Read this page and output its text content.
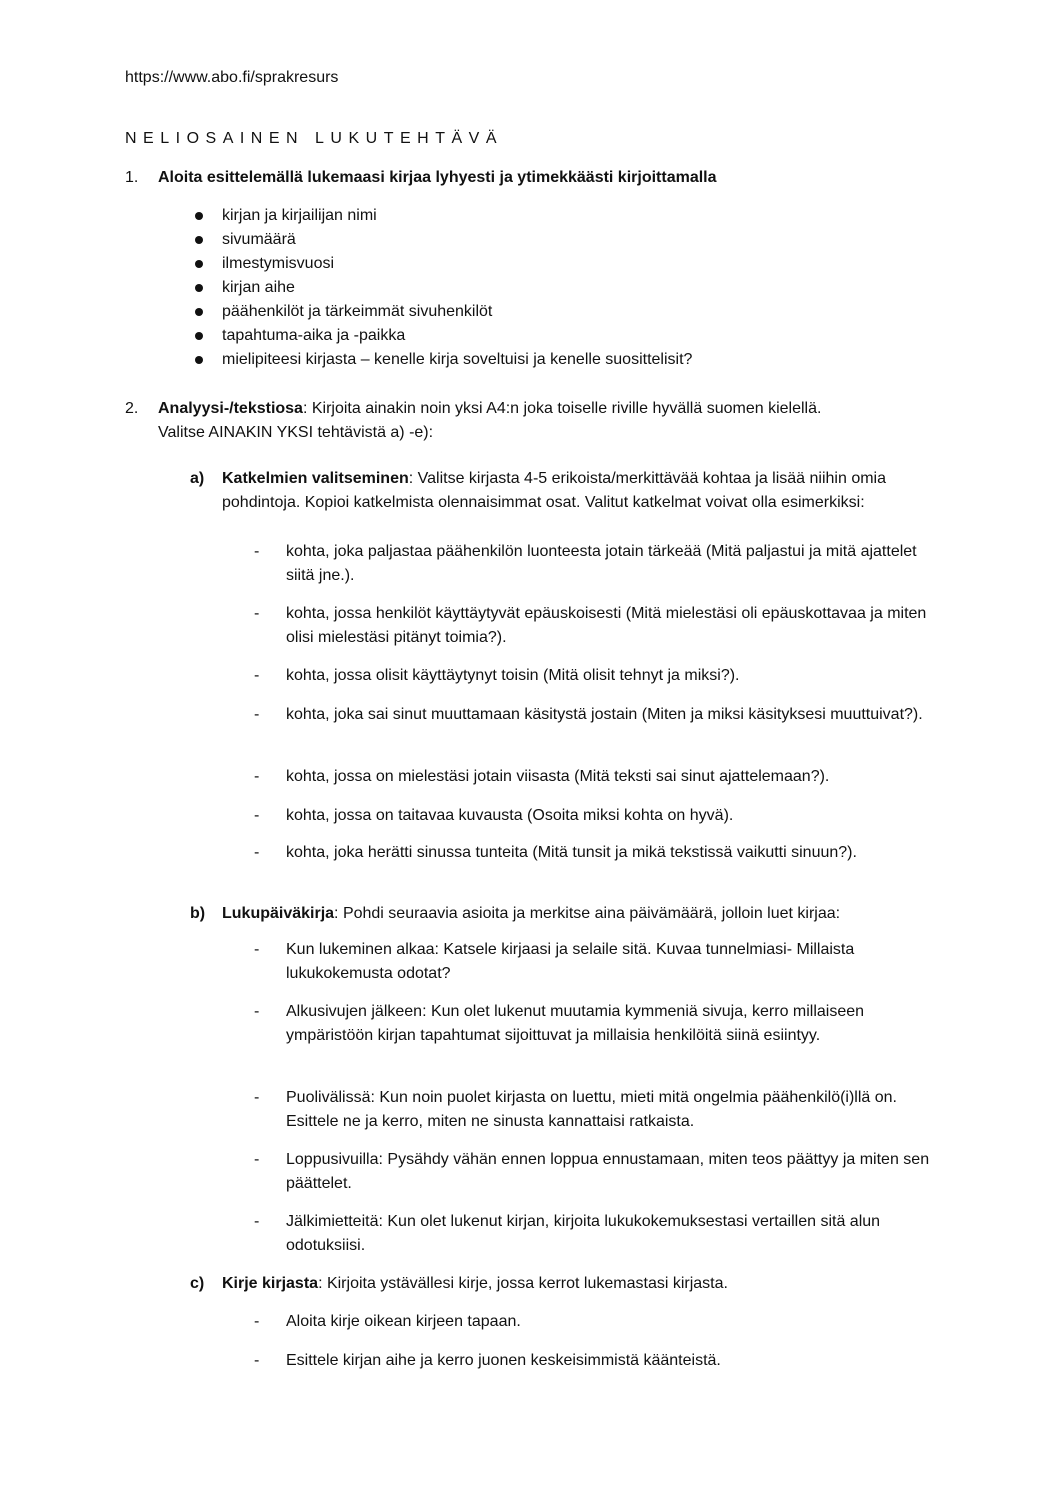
https://www.abo.fi/sprakresurs
NELIOSAINEN LUKUTEHTÄVÄ
1. Aloita esittelemällä lukemaasi kirjaa lyhyesti ja ytimekkäästi kirjoittamalla
kirjan ja kirjailijan nimi
sivumäärä
ilmestymisvuosi
kirjan aihe
päähenkilöt ja tärkeimmät sivuhenkilöt
tapahtuma-aika ja -paikka
mielipiteesi kirjasta – kenelle kirja soveltuisi ja kenelle suosittelisit?
2. Analyysi-/tekstiosa: Kirjoita ainakin noin yksi A4:n joka toiselle riville hyvällä suomen kielellä.
Valitse AINAKIN YKSI tehtävistä a) -e):
a) Katkelmien valitseminen: Valitse kirjasta 4-5 erikoista/merkittävää kohtaa ja lisää niihin omia pohdintoja. Kopioi katkelmista olennaisimmat osat. Valitut katkelmat voivat olla esimerkiksi:
- kohta, joka paljastaa päähenkilön luonteesta jotain tärkeää (Mitä paljastui ja mitä ajattelet siitä jne.).
- kohta, jossa henkilöt käyttäytyvät epäuskoisesti (Mitä mielestäsi oli epäuskottavaa ja miten olisi mielestäsi pitänyt toimia?).
- kohta, jossa olisit käyttäytynyt toisin (Mitä olisit tehnyt ja miksi?).
- kohta, joka sai sinut muuttamaan käsitystä jostain (Miten ja miksi käsityksesi muuttuivat?).
- kohta, jossa on mielestäsi jotain viisasta (Mitä teksti sai sinut ajattelemaan?).
- kohta, jossa on taitavaa kuvausta (Osoita miksi kohta on hyvä).
- kohta, joka herätti sinussa tunteita (Mitä tunsit ja mikä tekstissä vaikutti sinuun?).
b) Lukupäiväkirja: Pohdi seuraavia asioita ja merkitse aina päivämäärä, jolloin luet kirjaa:
- Kun lukeminen alkaa: Katsele kirjaasi ja selaile sitä. Kuvaa tunnelmiasi- Millaista lukukokemusta odotat?
- Alkusivujen jälkeen: Kun olet lukenut muutamia kymmeniä sivuja, kerro millaiseen ympäristöön kirjan tapahtumat sijoittuvat ja millaisia henkilöitä siinä esiintyy.
- Puolivälissä: Kun noin puolet kirjasta on luettu, mieti mitä ongelmia päähenkilö(i)llä on. Esittele ne ja kerro, miten ne sinusta kannattaisi ratkaista.
- Loppusivuilla: Pysähdy vähän ennen loppua ennustamaan, miten teos päättyy ja miten sen päättelet.
- Jälkimietteitä: Kun olet lukenut kirjan, kirjoita lukukokemuksestasi vertaillen sitä alun odotuksiisi.
c) Kirje kirjasta: Kirjoita ystävällesi kirje, jossa kerrot lukemastasi kirjasta.
- Aloita kirje oikean kirjeen tapaan.
- Esittele kirjan aihe ja kerro juonen keskeisimmistä käänteistä.
